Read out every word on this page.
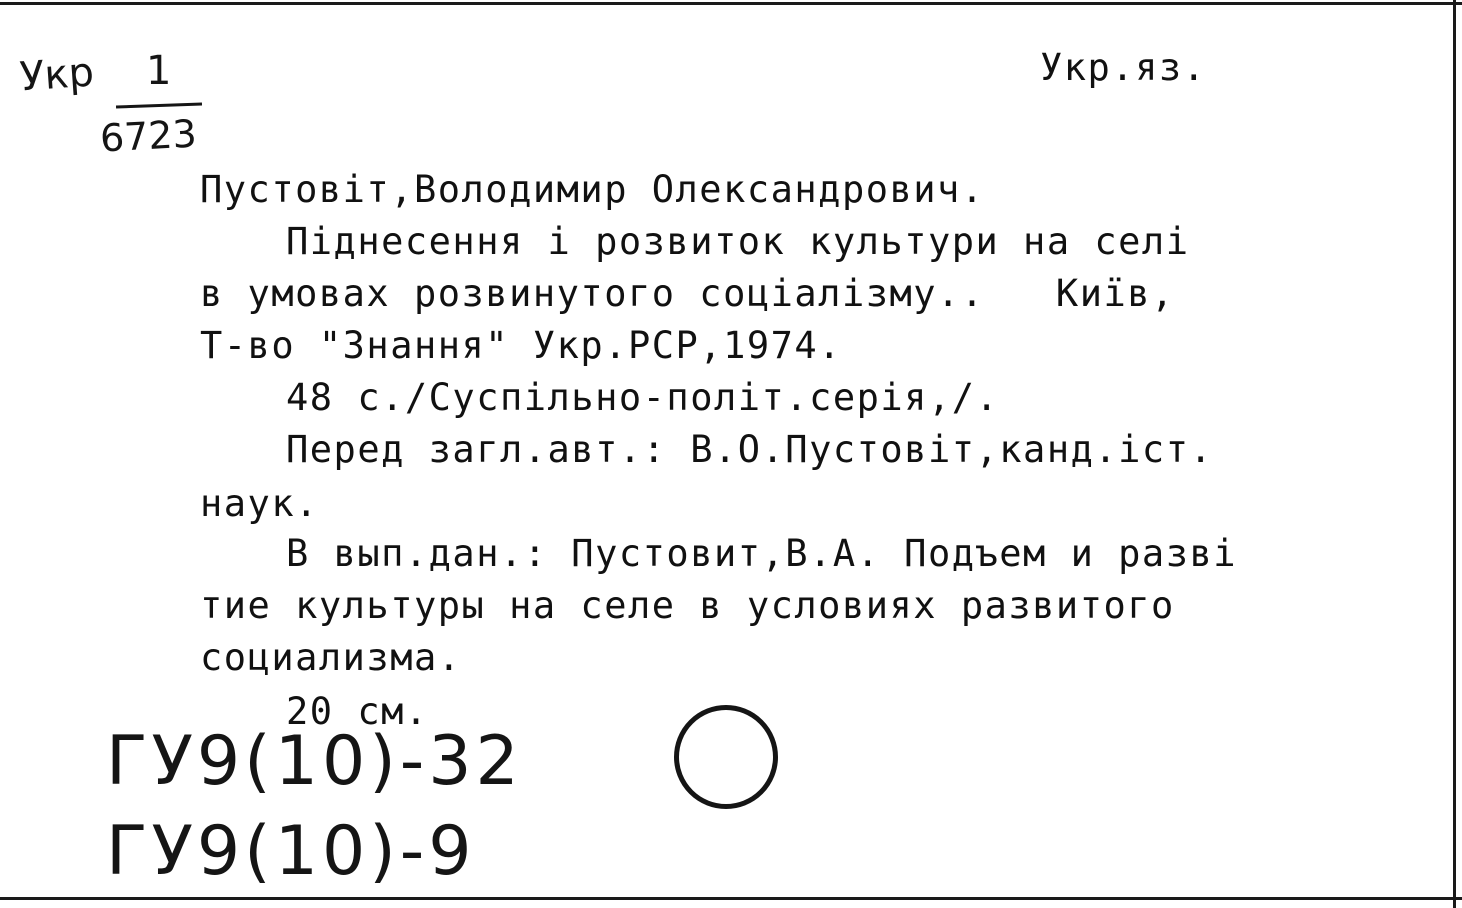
Укр 1
6723

Укр.яз.

Пустовіт,Володимир Олександрович.

Піднесення і розвиток культури на селі

в умовах розвинутого соціалізму..   Київ,

Т-во "Знання" Укр.РСР,1974.

48 с./Суспільно-політ.серія,/.

Перед загл.авт.: В.О.Пустовіт,канд.іст.

наук.

В вып.дан.: Пустовит,В.А. Подъем и разві

тие культуры на селе в условиях развитого

социализма.

20 см.

ГУ9(10)-32

ГУ9(10)-9
